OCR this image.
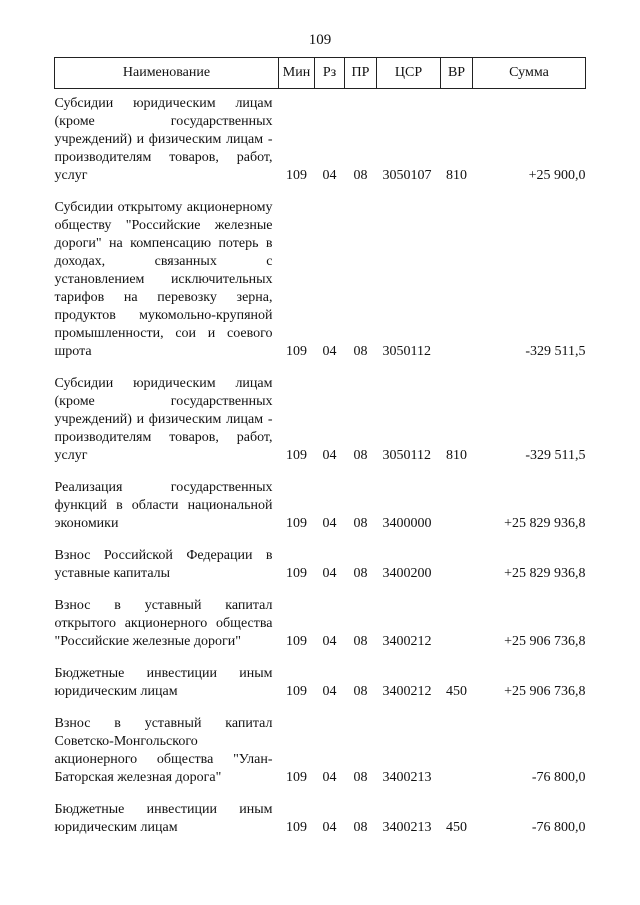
109
Наименование	Мин	Рз	ПР	ЦСР	ВР	Сумма
Субсидии юридическим лицам (кроме государственных учреждений) и физическим лицам - производителям товаров, работ, услуг	109	04	08	3050107	810	+25 900,0
Субсидии открытому акционерному обществу "Российские железные дороги" на компенсацию потерь в доходах, связанных с установлением исключительных тарифов на перевозку зерна, продуктов мукомольно-крупяной промышленности, сои и соевого шрота	109	04	08	3050112		-329 511,5
Субсидии юридическим лицам (кроме государственных учреждений) и физическим лицам - производителям товаров, работ, услуг	109	04	08	3050112	810	-329 511,5
Реализация государственных функций в области национальной экономики	109	04	08	3400000		+25 829 936,8
Взнос Российской Федерации в уставные капиталы	109	04	08	3400200		+25 829 936,8
Взнос в уставный капитал открытого акционерного общества "Российские железные дороги"	109	04	08	3400212		+25 906 736,8
Бюджетные инвестиции иным юридическим лицам	109	04	08	3400212	450	+25 906 736,8
Взнос в уставный капитал Советско-Монгольского акционерного общества "Улан-Баторская железная дорога"	109	04	08	3400213		-76 800,0
Бюджетные инвестиции иным юридическим лицам	109	04	08	3400213	450	-76 800,0
